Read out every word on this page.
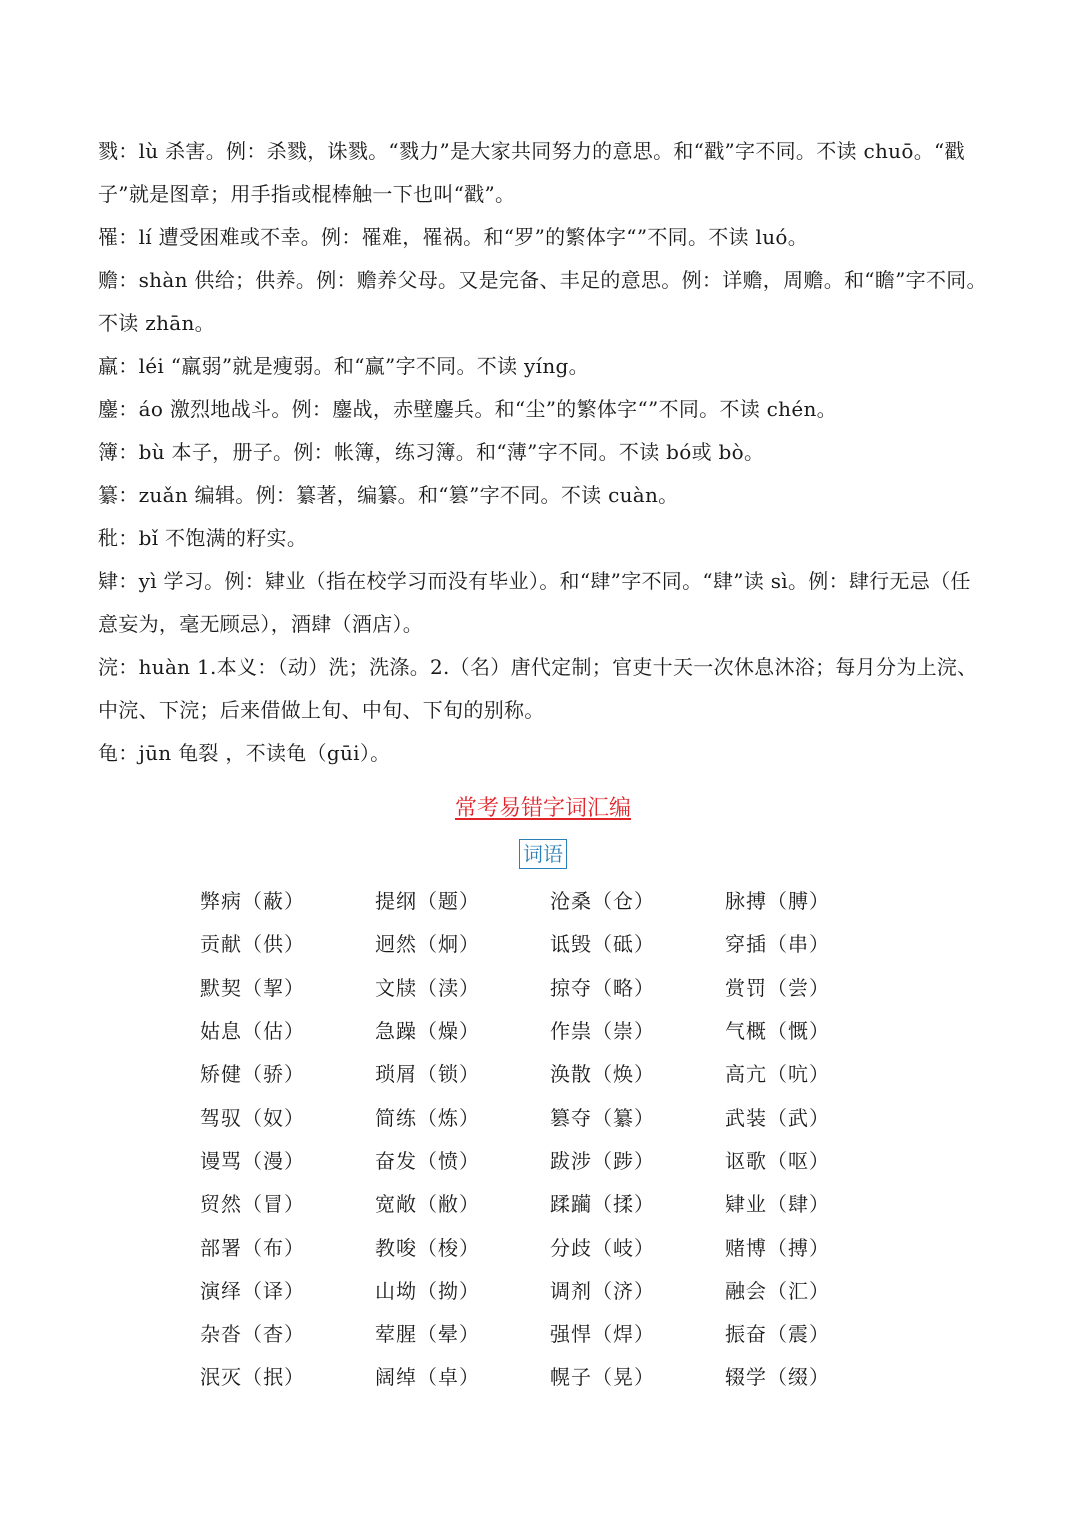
戮：lù 杀害。例：杀戮，诛戮。“戮力”是大家共同努力的意思。和“戳”字不同。不读 chuō。“戳子”就是图章；用手指或棍棒触一下也叫“戳”。

罹：lí 遭受困难或不幸。例：罹难，罹祸。和“罗”的繁体字“”不同。不读 luó。

赡：shàn 供给；供养。例：赡养父母。又是完备、丰足的意思。例：详赡，周赡。和“瞻”字不同。不读 zhān。

羸：léi “羸弱”就是瘦弱。和“赢”字不同。不读 yíng。

鏖：áo 激烈地战斗。例：鏖战，赤壁鏖兵。和“尘”的繁体字“”不同。不读 chén。

簿：bù 本子，册子。例：帐簿，练习簿。和“薄”字不同。不读 bó或 bò。

纂：zuǎn 编辑。例：纂著，编纂。和“篡”字不同。不读 cuàn。

秕：bǐ 不饱满的籽实。

肄：yì 学习。例：肄业（指在校学习而没有毕业）。和“肆”字不同。“肆”读 sì。例：肆行无忌（任意妄为，毫无顾忌），酒肆（酒店）。

浣：huàn 1.本义：（动）洗；洗涤。2.（名）唐代定制；官吏十天一次休息沐浴；每月分为上浣、中浣、下浣；后来借做上旬、中旬、下旬的别称。

龟：jūn 龟裂 ，不读龟（gūi）。

常考易错字词汇编
词语
弊病（蔽）	提纲（题）	沧桑（仓）	脉搏（膊）
贡献（供）	迥然（炯）	诋毁（砥）	穿插（串）
默契（挈）	文牍（渎）	掠夺（略）	赏罚（尝）
姑息（估）	急躁（燥）	作祟（崇）	气概（慨）
矫健（骄）	琐屑（锁）	涣散（焕）	高亢（吭）
驾驭（奴）	简练（炼）	篡夺（纂）	武装（武）
谩骂（漫）	奋发（愤）	跋涉（踄）	讴歌（呕）
贸然（冒）	宽敞（敝）	蹂躏（揉）	肄业（肆）
部署（布）	教唆（梭）	分歧（岐）	赌博（搏）
演绎（译）	山坳（拗）	调剂（济）	融会（汇）
杂沓（杳）	荤腥（晕）	强悍（焊）	振奋（震）
泯灭（抿）	阔绰（卓）	幌子（晃）	辍学（缀）
